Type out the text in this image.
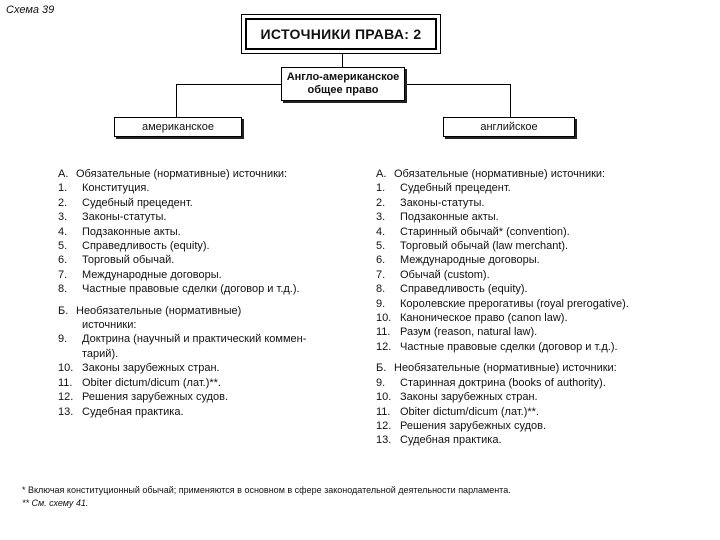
Схема 39
ИСТОЧНИКИ ПРАВА: 2
Англо-американское
общее право
американское	английское
А. Обязательные (нормативные) источники:
1.	Конституция.
2.	Судебный прецедент.
3.	Законы-статуты.
4.	Подзаконные акты.
5.	Справедливость (equity).
6.	Торговый обычай.
7.	Международные договоры.
8.	Частные правовые сделки (договор и т.д.).
Б. Необязательные (нормативные)
источники:
9.	Доктрина (научный и практический коммен-
тарий).
10. Законы зарубежных стран.
11. Obiter dictum/dicum (лат.)**.
12. Решения зарубежных судов.
13. Судебная практика.
А. Обязательные (нормативные) источники:
1.	Судебный прецедент.
2.	Законы-статуты.
3.	Подзаконные акты.
4.	Старинный обычай* (convention).
5.	Торговый обычай (law merchant).
6.	Международные договоры.
7.	Обычай (custom).
8.	Справедливость (equity).
9.	Королевские прерогативы (royal prerogative).
10. Каноническое право (canon law).
11. Разум (reason, natural law).
12. Частные правовые сделки (договор и т.д.).
Б. Необязательные (нормативные) источники:
9.	Старинная доктрина (books of authority).
10. Законы зарубежных стран.
11. Obiter dictum/dicum (лат.)**.
12. Решения зарубежных судов.
13. Судебная практика.
* Включая конституционный обычай; применяются в основном в сфере законодательной деятельности парламента.
** См. схему 41.
